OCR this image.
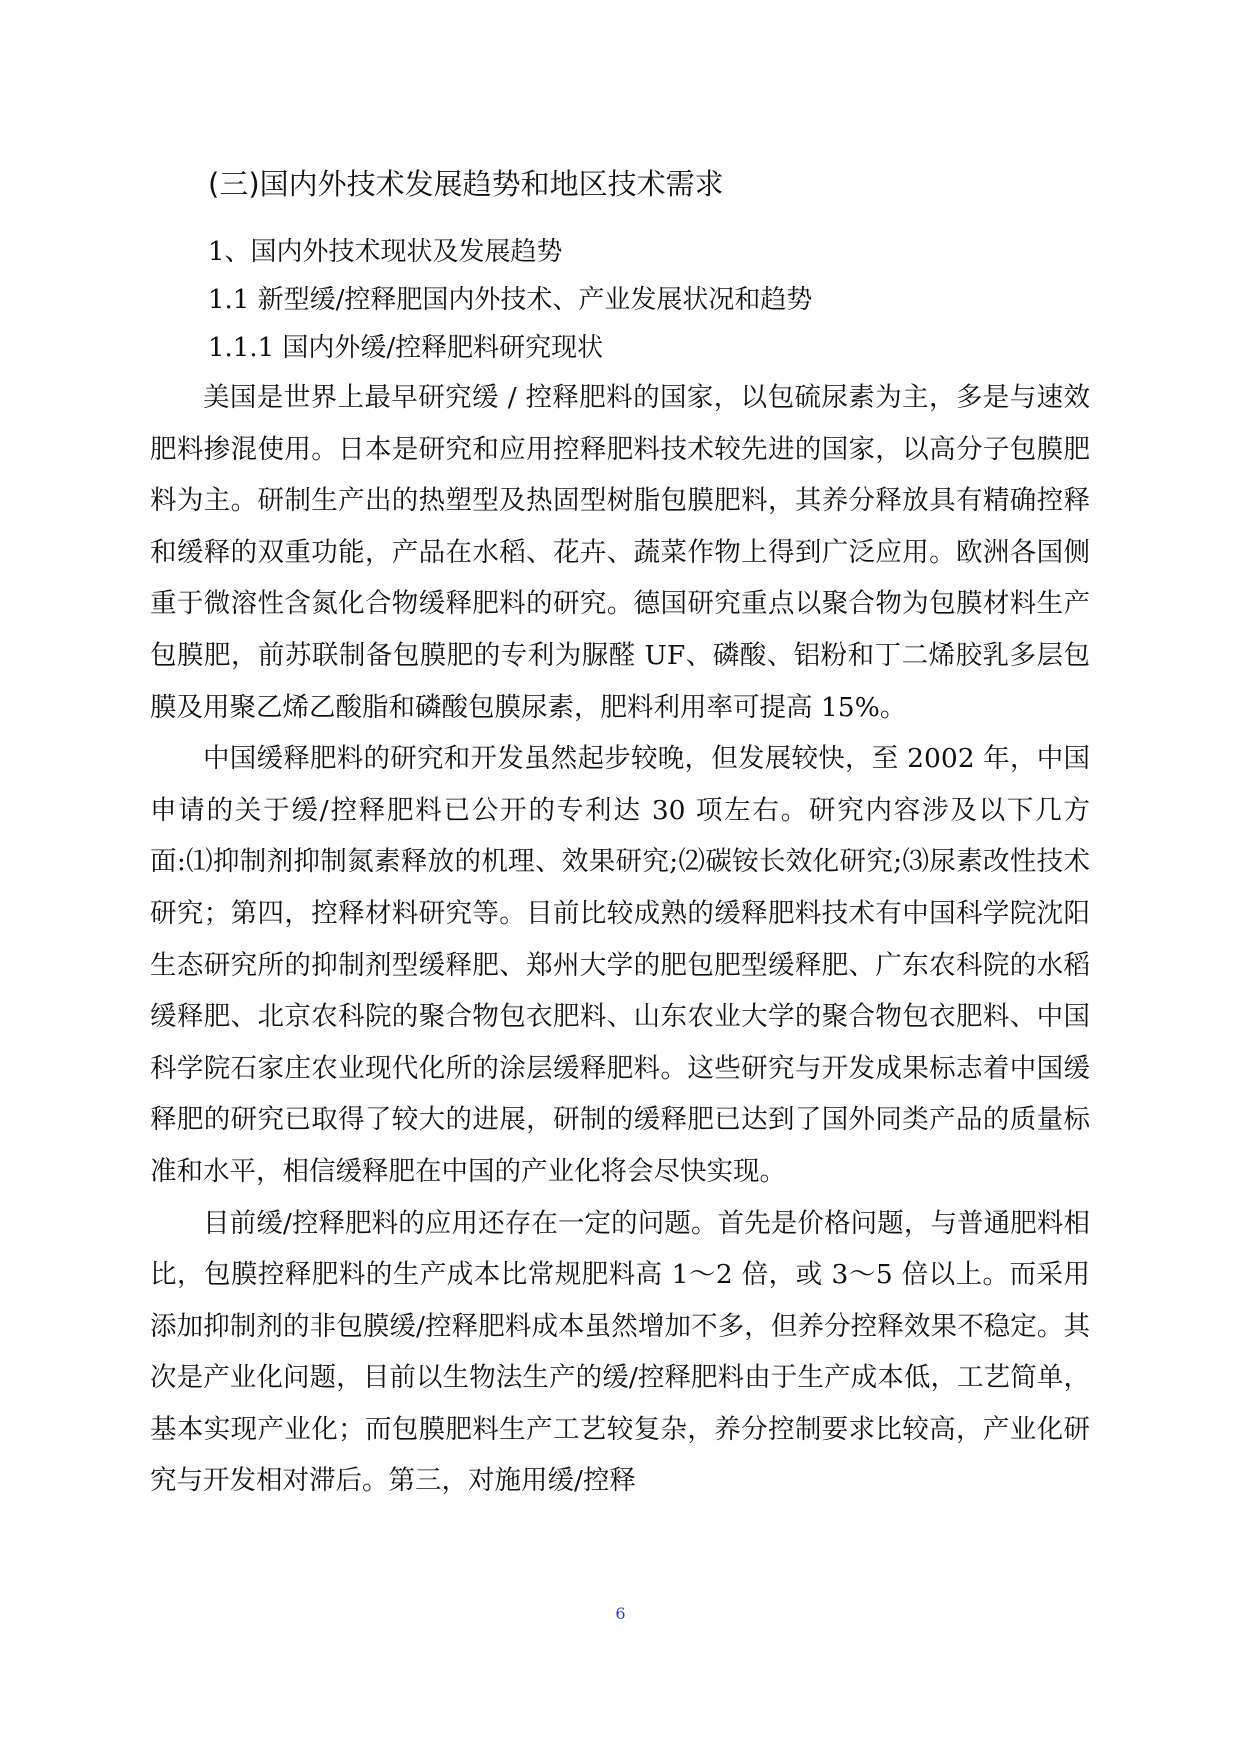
(三)国内外技术发展趋势和地区技术需求
1、国内外技术现状及发展趋势
1.1 新型缓/控释肥国内外技术、产业发展状况和趋势
1.1.1 国内外缓/控释肥料研究现状

美国是世界上最早研究缓 / 控释肥料的国家，以包硫尿素为主，多是与速效肥料掺混使用。日本是研究和应用控释肥料技术较先进的国家，以高分子包膜肥料为主。研制生产出的热塑型及热固型树脂包膜肥料，其养分释放具有精确控释和缓释的双重功能，产品在水稻、花卉、蔬菜作物上得到广泛应用。欧洲各国侧重于微溶性含氮化合物缓释肥料的研究。德国研究重点以聚合物为包膜材料生产包膜肥，前苏联制备包膜肥的专利为脲醛 UF、磷酸、铝粉和丁二烯胶乳多层包膜及用聚乙烯乙酸脂和磷酸包膜尿素，肥料利用率可提高 15%。

中国缓释肥料的研究和开发虽然起步较晚，但发展较快，至 2002 年，中国申请的关于缓/控释肥料已公开的专利达 30 项左右。研究内容涉及以下几方面:⑴抑制剂抑制氮素释放的机理、效果研究;⑵碳铵长效化研究;⑶尿素改性技术研究；第四，控释材料研究等。目前比较成熟的缓释肥料技术有中国科学院沈阳生态研究所的抑制剂型缓释肥、郑州大学的肥包肥型缓释肥、广东农科院的水稻缓释肥、北京农科院的聚合物包衣肥料、山东农业大学的聚合物包衣肥料、中国科学院石家庄农业现代化所的涂层缓释肥料。这些研究与开发成果标志着中国缓释肥的研究已取得了较大的进展，研制的缓释肥已达到了国外同类产品的质量标准和水平，相信缓释肥在中国的产业化将会尽快实现。

目前缓/控释肥料的应用还存在一定的问题。首先是价格问题，与普通肥料相比，包膜控释肥料的生产成本比常规肥料高 1～2 倍，或 3～5 倍以上。而采用添加抑制剂的非包膜缓/控释肥料成本虽然增加不多，但养分控释效果不稳定。其次是产业化问题，目前以生物法生产的缓/控释肥料由于生产成本低，工艺简单，基本实现产业化；而包膜肥料生产工艺较复杂，养分控制要求比较高，产业化研究与开发相对滞后。第三，对施用缓/控释

6
